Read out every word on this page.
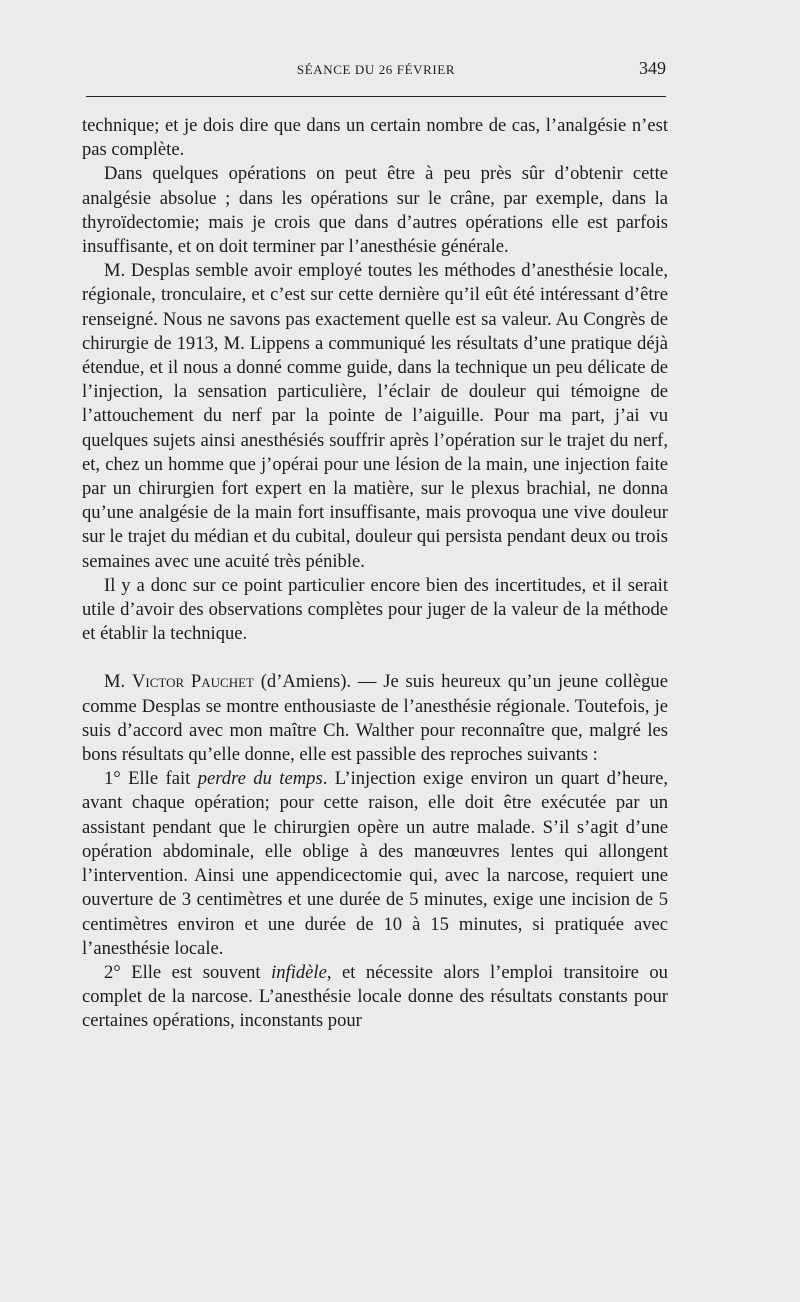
SÉANCE DU 26 FÉVRIER	349

technique; et je dois dire que dans un certain nombre de cas, l’analgésie n’est pas complète.

Dans quelques opérations on peut être à peu près sûr d’obtenir cette analgésie absolue ; dans les opérations sur le crâne, par exemple, dans la thyroïdectomie; mais je crois que dans d’autres opérations elle est parfois insuffisante, et on doit terminer par l’anesthésie générale.

M. Desplas semble avoir employé toutes les méthodes d’anesthésie locale, régionale, tronculaire, et c’est sur cette dernière qu’il eût été intéressant d’être renseigné. Nous ne savons pas exactement quelle est sa valeur. Au Congrès de chirurgie de 1913, M. Lippens a communiqué les résultats d’une pratique déjà étendue, et il nous a donné comme guide, dans la technique un peu délicate de l’injection, la sensation particulière, l’éclair de douleur qui témoigne de l’attouchement du nerf par la pointe de l’aiguille. Pour ma part, j’ai vu quelques sujets ainsi anesthésiés souffrir après l’opération sur le trajet du nerf, et, chez un homme que j’opérai pour une lésion de la main, une injection faite par un chirurgien fort expert en la matière, sur le plexus brachial, ne donna qu’une analgésie de la main fort insuffisante, mais provoqua une vive douleur sur le trajet du médian et du cubital, douleur qui persista pendant deux ou trois semaines avec une acuité très pénible.

Il y a donc sur ce point particulier encore bien des incertitudes, et il serait utile d’avoir des observations complètes pour juger de la valeur de la méthode et établir la technique.

M. Victor Pauchet (d’Amiens). — Je suis heureux qu’un jeune collègue comme Desplas se montre enthousiaste de l’anesthésie régionale. Toutefois, je suis d’accord avec mon maître Ch. Walther pour reconnaître que, malgré les bons résultats qu’elle donne, elle est passible des reproches suivants :

1° Elle fait perdre du temps. L’injection exige environ un quart d’heure, avant chaque opération; pour cette raison, elle doit être exécutée par un assistant pendant que le chirurgien opère un autre malade. S’il s’agit d’une opération abdominale, elle oblige à des manœuvres lentes qui allongent l’intervention. Ainsi une appendicectomie qui, avec la narcose, requiert une ouverture de 3 centimètres et une durée de 5 minutes, exige une incision de 5 centimètres environ et une durée de 10 à 15 minutes, si pratiquée avec l’anesthésie locale.

2° Elle est souvent infidèle, et nécessite alors l’emploi transitoire ou complet de la narcose. L’anesthésie locale donne des résultats constants pour certaines opérations, inconstants pour
